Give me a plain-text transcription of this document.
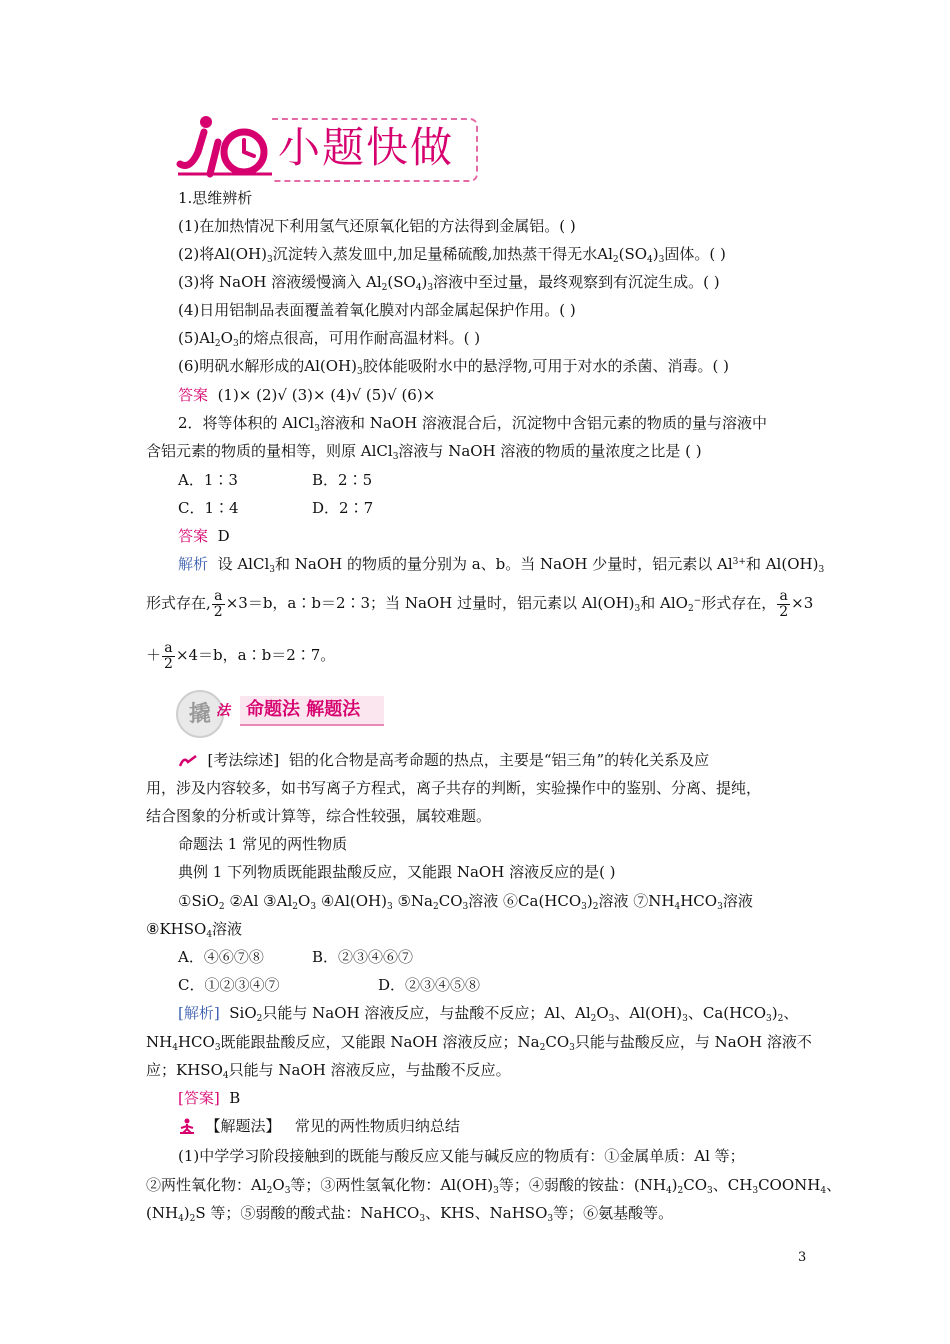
小题快做
1.思维辨析
(1)在加热情况下利用氢气还原氧化铝的方法得到金属铝。( )
(2)将$Al(OH)_3$沉淀转入蒸发皿中,加足量稀硫酸,加热蒸干得无水$Al_2(SO_4)_3$固体。( )
(3)将 NaOH 溶液缓慢滴入 $Al_2(SO_4)_3$溶液中至过量，最终观察到有沉淀生成。( )
(4)日用铝制品表面覆盖着氧化膜对内部金属起保护作用。( )
$(5)Al_2O_3$的熔点很高，可用作耐高温材料。( )
(6)明矾水解形成的$Al(OH)_3$胶体能吸附水中的悬浮物,可用于对水的杀菌、消毒。( )
答案 (1)× (2)√ (3)× (4)√ (5)√ (6)×
2．将等体积的 AlCl$_3$溶液和 NaOH 溶液混合后，沉淀物中含铝元素的物质的量与溶液中
含铝元素的物质的量相等，则原 AlCl$_3$溶液与 NaOH 溶液的物质的量浓度之比是 ( )
A．1∶3	B．2∶5
C．1∶4	D．2∶7
答案 D
解析 设 AlCl$_3$和 NaOH 的物质的量分别为 a、b。当 NaOH 少量时，铝元素以 $Al^{3+}$和 $Al(OH)_3$
形式存在, $\frac{a}{2} \times 3=b$，a∶b＝2∶3；当 NaOH 过量时，铝元素以 $Al(OH)_3$和 AlO$_2$−形式存在， $\frac{a}{2} \times 3$
＋ $\frac{a}{2} \times 4=b$，a∶b＝2∶7。
撬 法 命题法 解题法
[考法综述] 铝的化合物是高考命题的热点，主要是“铝三角”的转化关系及应
用，涉及内容较多，如书写离子方程式，离子共存的判断，实验操作中的鉴别、分离、提纯，
结合图象的分析或计算等，综合性较强，属较难题。
命题法 1 常见的两性物质
典例 1 下列物质既能跟盐酸反应，又能跟 NaOH 溶液反应的是( )
①SiO$_2$ ②Al $③Al_2O_3$ $④Al(OH)_3$ $⑤Na_2CO_3$溶液 $⑥Ca(HCO_3)_2$溶液 $⑦NH_4HCO_3$溶液
$⑧KHSO_4$溶液
A．④⑥⑦⑧	B．②③④⑥⑦
C．①②③④⑦	D．②③④⑤⑧
[解析] SiO$_2$只能与 NaOH 溶液反应，与盐酸不反应；Al、$Al_2O_3$、$Al(OH)_3$、$Ca(HCO_3)_2$、
$NH_4HCO_3$既能跟盐酸反应，又能跟 NaOH 溶液反应；$Na_2CO_3$只能与盐酸反应，与 NaOH 溶液不
应；$KHSO_4$只能与 NaOH 溶液反应，与盐酸不反应。
[答案] B
【解题法】 常见的两性物质归纳总结
(1)中学学习阶段接触到的既能与酸反应又能与碱反应的物质有：①金属单质：Al 等；
②两性氧化物：$Al_2O_3$等；③两性氢氧化物：$Al(OH)_3$等；④弱酸的铵盐：$(NH_4)_2CO_3$、$CH_3COONH_4$、
$(NH_4)_2S$ 等；⑤弱酸的酸式盐：NaHCO$_3$、KHS、NaHSO$_3$等；⑥氨基酸等。
3
